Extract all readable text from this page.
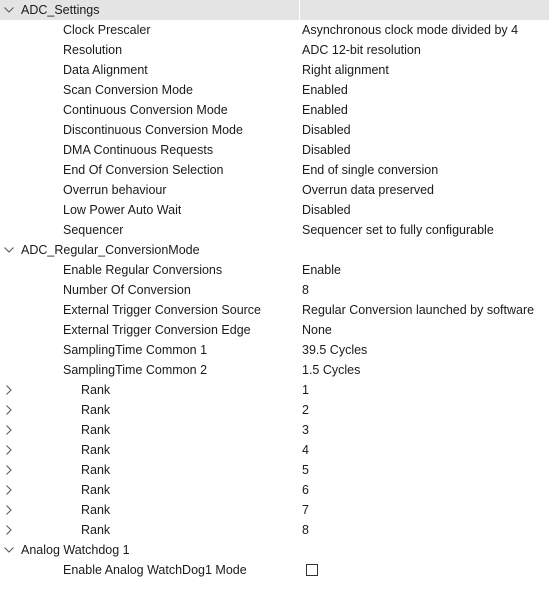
ADC_Settings
Clock Prescaler	Asynchronous clock mode divided by 4
Resolution	ADC 12-bit resolution
Data Alignment	Right alignment
Scan Conversion Mode	Enabled
Continuous Conversion Mode	Enabled
Discontinuous Conversion Mode	Disabled
DMA Continuous Requests	Disabled
End Of Conversion Selection	End of single conversion
Overrun behaviour	Overrun data preserved
Low Power Auto Wait	Disabled
Sequencer	Sequencer set to fully configurable
ADC_Regular_ConversionMode
Enable Regular Conversions	Enable
Number Of Conversion	8
External Trigger Conversion Source	Regular Conversion launched by software
External Trigger Conversion Edge	None
SamplingTime Common 1	39.5 Cycles
SamplingTime Common 2	1.5 Cycles
Rank	1
Rank	2
Rank	3
Rank	4
Rank	5
Rank	6
Rank	7
Rank	8
Analog Watchdog 1
Enable Analog WatchDog1 Mode
